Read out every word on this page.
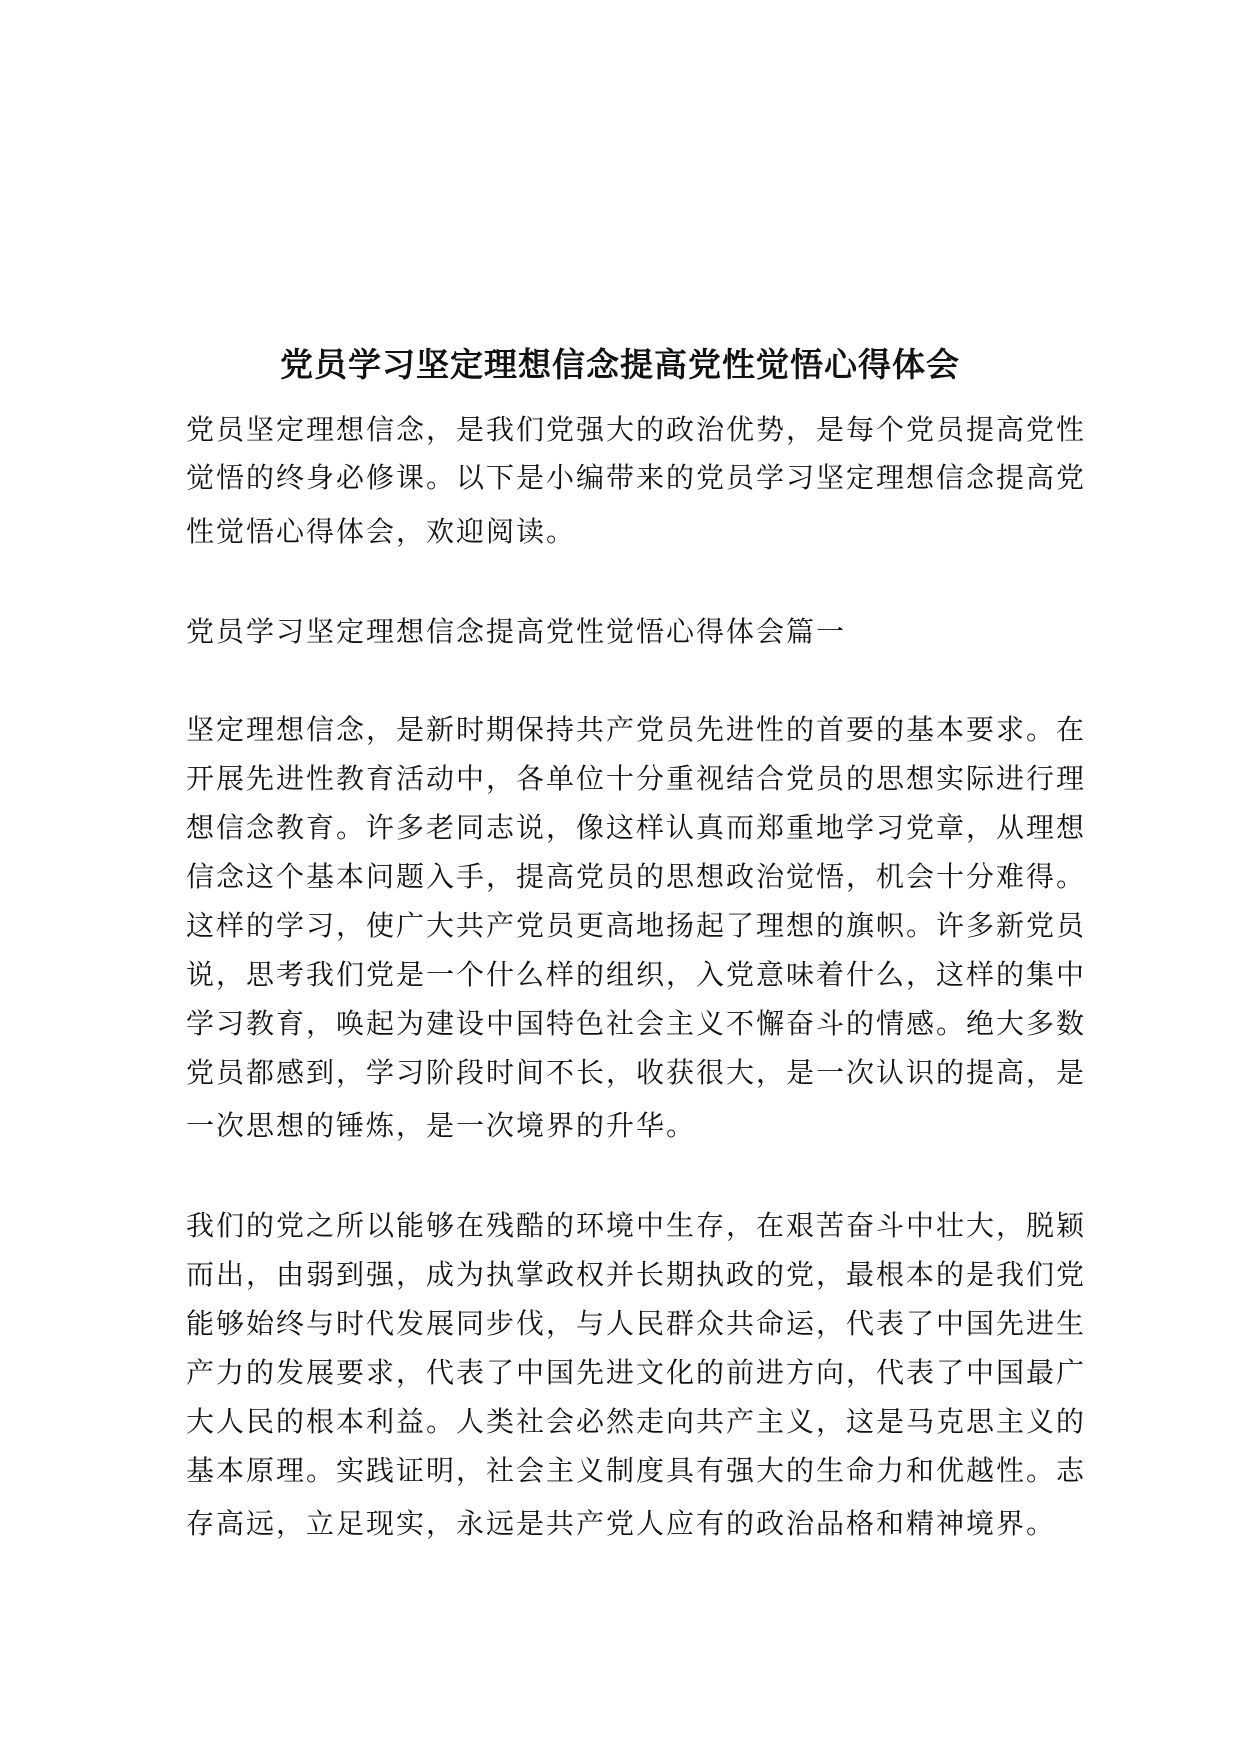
党员学习坚定理想信念提高党性觉悟心得体会
党员坚定理想信念，是我们党强大的政治优势，是每个党员提高党性
觉悟的终身必修课。以下是小编带来的党员学习坚定理想信念提高党
性觉悟心得体会，欢迎阅读。
党员学习坚定理想信念提高党性觉悟心得体会篇一
坚定理想信念，是新时期保持共产党员先进性的首要的基本要求。在
开展先进性教育活动中，各单位十分重视结合党员的思想实际进行理
想信念教育。许多老同志说，像这样认真而郑重地学习党章，从理想
信念这个基本问题入手，提高党员的思想政治觉悟，机会十分难得。
这样的学习，使广大共产党员更高地扬起了理想的旗帜。许多新党员
说，思考我们党是一个什么样的组织，入党意味着什么，这样的集中
学习教育，唤起为建设中国特色社会主义不懈奋斗的情感。绝大多数
党员都感到，学习阶段时间不长，收获很大，是一次认识的提高，是
一次思想的锤炼，是一次境界的升华。
我们的党之所以能够在残酷的环境中生存，在艰苦奋斗中壮大，脱颖
而出，由弱到强，成为执掌政权并长期执政的党，最根本的是我们党
能够始终与时代发展同步伐，与人民群众共命运，代表了中国先进生
产力的发展要求，代表了中国先进文化的前进方向，代表了中国最广
大人民的根本利益。人类社会必然走向共产主义，这是马克思主义的
基本原理。实践证明，社会主义制度具有强大的生命力和优越性。志
存高远，立足现实，永远是共产党人应有的政治品格和精神境界。
